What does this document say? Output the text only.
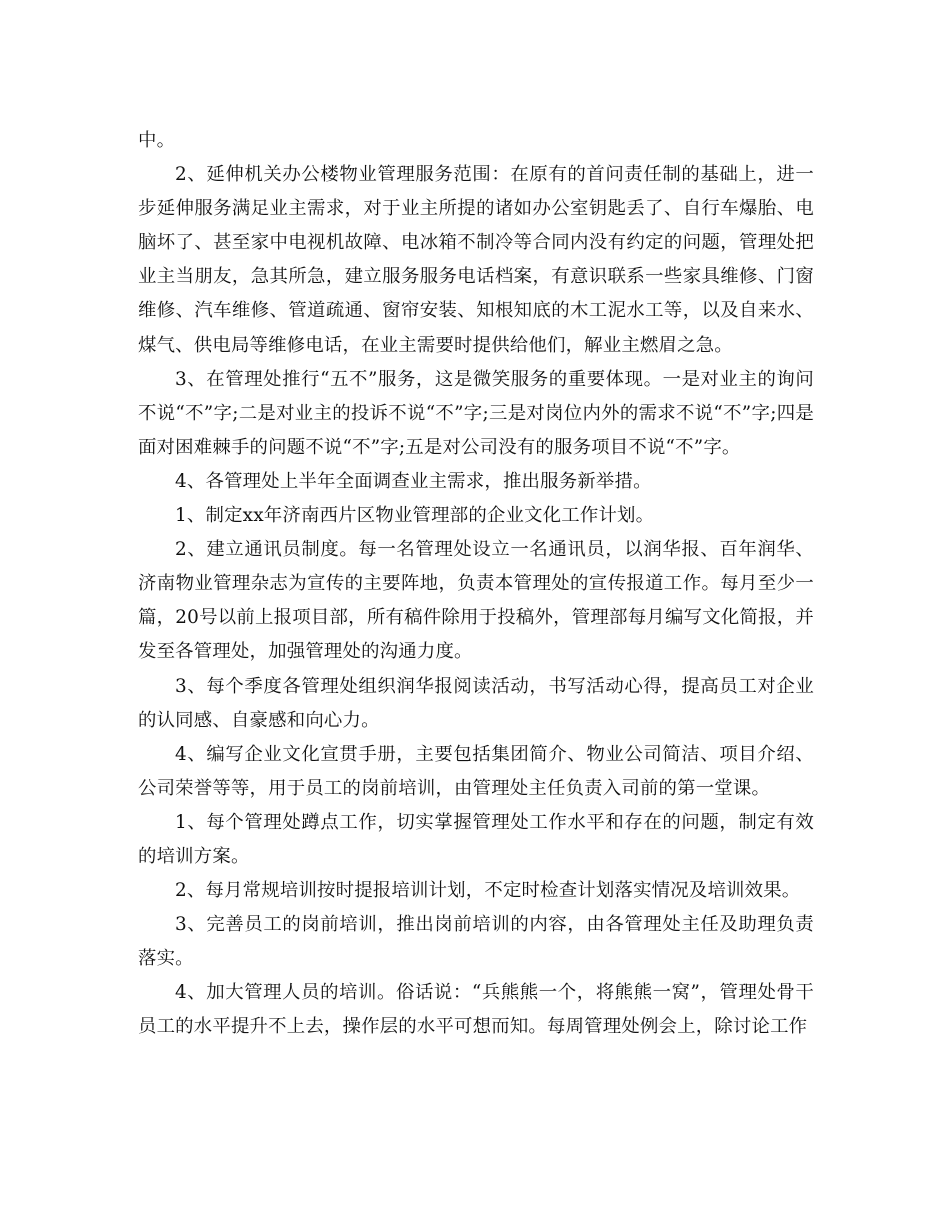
中。

2、延伸机关办公楼物业管理服务范围：在原有的首问责任制的基础上，进一步延伸服务满足业主需求，对于业主所提的诸如办公室钥匙丢了、自行车爆胎、电脑坏了、甚至家中电视机故障、电冰箱不制冷等合同内没有约定的问题，管理处把业主当朋友，急其所急，建立服务服务电话档案，有意识联系一些家具维修、门窗维修、汽车维修、管道疏通、窗帘安装、知根知底的木工泥水工等，以及自来水、煤气、供电局等维修电话，在业主需要时提供给他们，解业主燃眉之急。

3、在管理处推行“五不”服务，这是微笑服务的重要体现。一是对业主的询问不说“不”字;二是对业主的投诉不说“不”字;三是对岗位内外的需求不说“不”字;四是面对困难棘手的问题不说“不”字;五是对公司没有的服务项目不说“不”字。

4、各管理处上半年全面调查业主需求，推出服务新举措。

1、制定xx年济南西片区物业管理部的企业文化工作计划。

2、建立通讯员制度。每一名管理处设立一名通讯员，以润华报、百年润华、济南物业管理杂志为宣传的主要阵地，负责本管理处的宣传报道工作。每月至少一篇，20号以前上报项目部，所有稿件除用于投稿外，管理部每月编写文化简报，并发至各管理处，加强管理处的沟通力度。

3、每个季度各管理处组织润华报阅读活动，书写活动心得，提高员工对企业的认同感、自豪感和向心力。

4、编写企业文化宣贯手册，主要包括集团简介、物业公司简洁、项目介绍、公司荣誉等等，用于员工的岗前培训，由管理处主任负责入司前的第一堂课。

1、每个管理处蹲点工作，切实掌握管理处工作水平和存在的问题，制定有效的培训方案。

2、每月常规培训按时提报培训计划，不定时检查计划落实情况及培训效果。

3、完善员工的岗前培训，推出岗前培训的内容，由各管理处主任及助理负责落实。

4、加大管理人员的培训。俗话说：“兵熊熊一个，将熊熊一窝”，管理处骨干员工的水平提升不上去，操作层的水平可想而知。每周管理处例会上，除讨论工作
